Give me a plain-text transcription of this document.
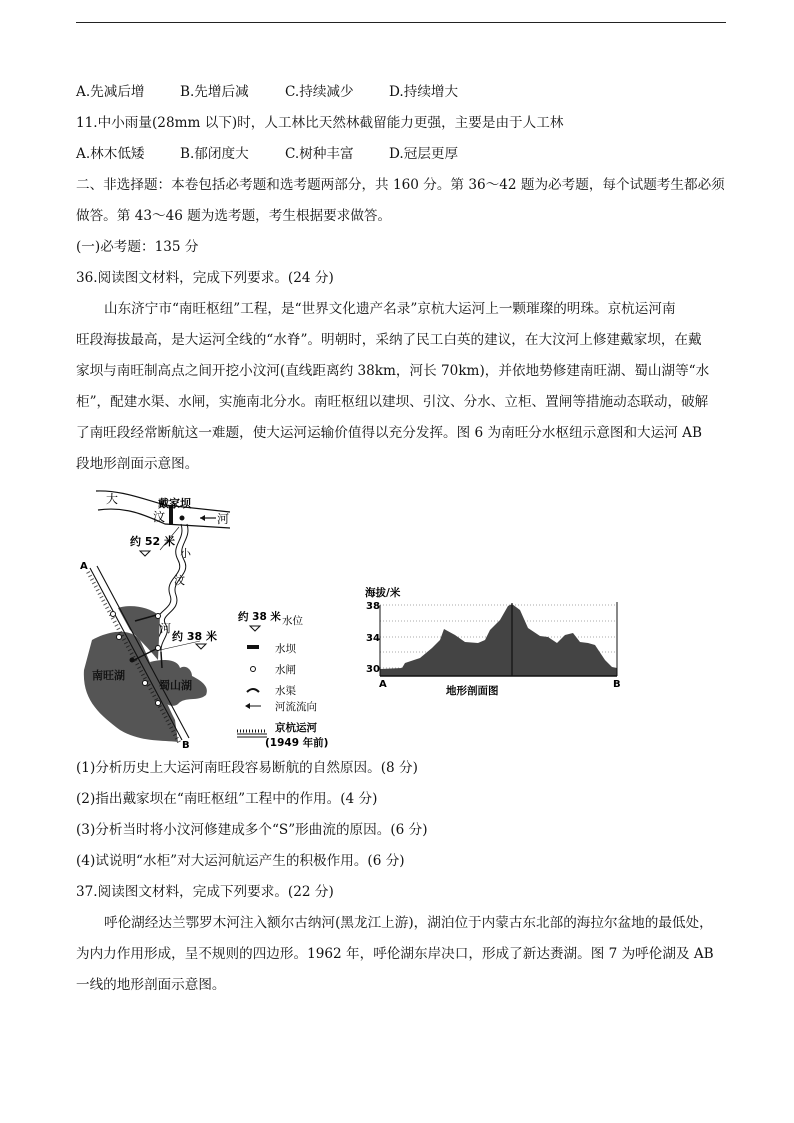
A.先减后增	B.先增后减	C.持续减少	D.持续增大
11.中小雨量(28mm 以下)时，人工林比天然林截留能力更强，主要是由于人工林
A.林木低矮	B.郁闭度大	C.树种丰富	D.冠层更厚
二、非选择题：本卷包括必考题和选考题两部分，共 160 分。第 36～42 题为必考题，每个试题考生都必须
做答。第 43～46 题为选考题，考生根据要求做答。
(一)必考题：135 分
36.阅读图文材料，完成下列要求。(24 分)
山东济宁市“南旺枢纽”工程，是“世界文化遗产名录”京杭大运河上一颗璀璨的明珠。京杭运河南
旺段海拔最高，是大运河全线的“水脊”。明朝时，采纳了民工白英的建议，在大汶河上修建戴家坝，在戴
家坝与南旺制高点之间开挖小汶河(直线距离约 38km，河长 70km)，并依地势修建南旺湖、蜀山湖等“水
柜”，配建水渠、水闸，实施南北分水。南旺枢纽以建坝、引汶、分水、立柜、置闸等措施动态联动，破解
了南旺段经常断航这一难题，使大运河运输价值得以充分发挥。图 6 为南旺分水枢纽示意图和大运河 AB
段地形剖面示意图。
大
汶	河
戴家坝
小
汶
河
约 52 米
南旺湖
蜀山湖
A
B
约 38 米
约 38 米 水位
水坝
水闸
水渠
河流流向
京杭运河
(1949 年前)
海拔/米
38
34
30
A	B
地形剖面图
(1)分析历史上大运河南旺段容易断航的自然原因。(8 分)
(2)指出戴家坝在“南旺枢纽”工程中的作用。(4 分)
(3)分析当时将小汶河修建成多个“S”形曲流的原因。(6 分)
(4)试说明“水柜”对大运河航运产生的积极作用。(6 分)
37.阅读图文材料，完成下列要求。(22 分)
呼伦湖经达兰鄂罗木河注入额尔古纳河(黑龙江上游)，湖泊位于内蒙古东北部的海拉尔盆地的最低处，
为内力作用形成，呈不规则的四边形。1962 年，呼伦湖东岸决口，形成了新达赉湖。图 7 为呼伦湖及 AB
一线的地形剖面示意图。
